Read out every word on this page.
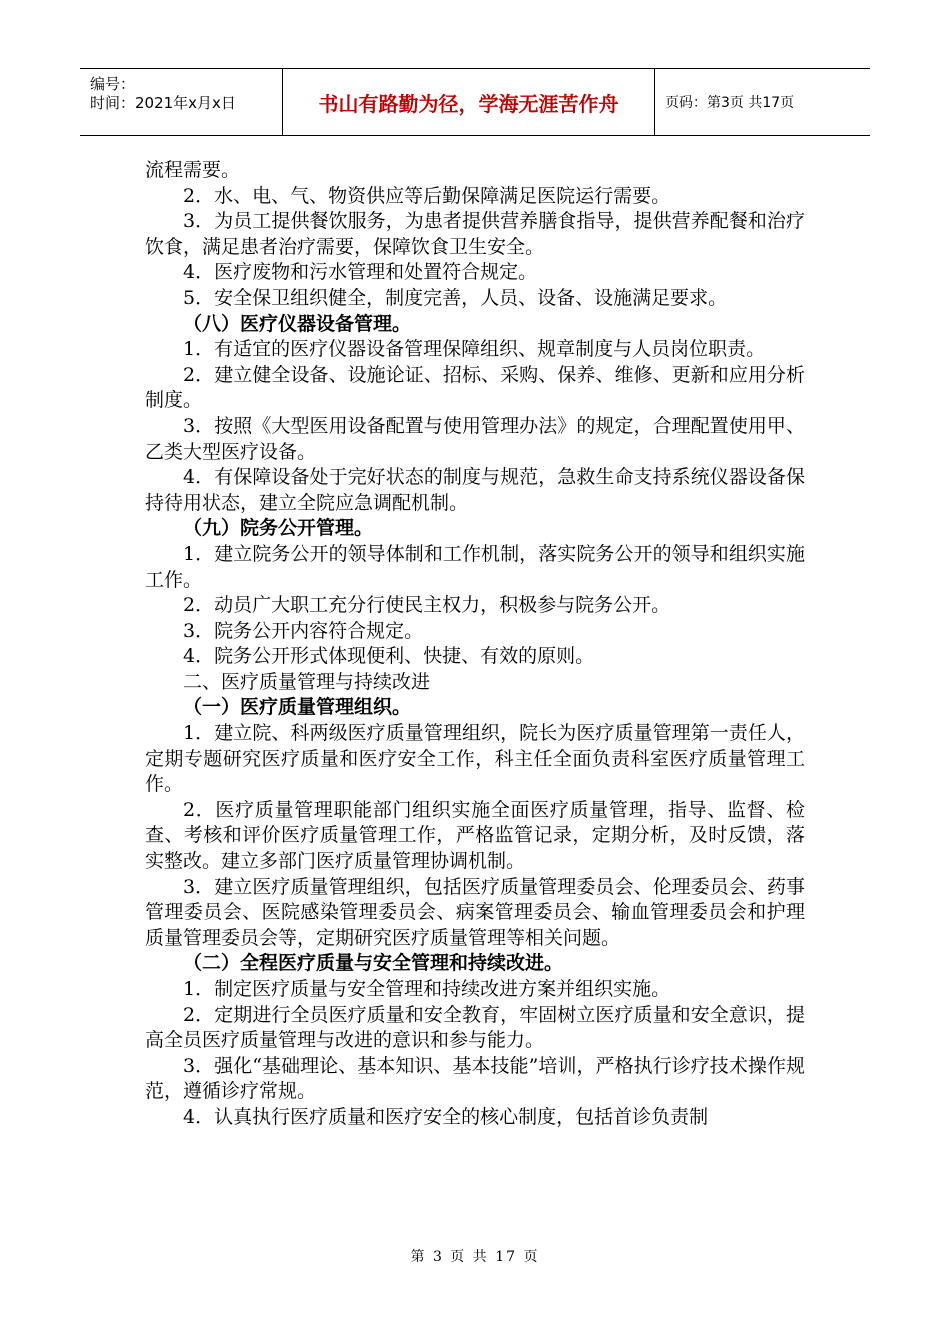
编号：
时间：2021年x月x日	书山有路勤为径，学海无涯苦作舟	页码：第3页 共17页

流程需要。

2．水、电、气、物资供应等后勤保障满足医院运行需要。

3．为员工提供餐饮服务，为患者提供营养膳食指导，提供营养配餐和治疗饮食，满足患者治疗需要，保障饮食卫生安全。

4．医疗废物和污水管理和处置符合规定。

5．安全保卫组织健全，制度完善，人员、设备、设施满足要求。

（八）医疗仪器设备管理。

1．有适宜的医疗仪器设备管理保障组织、规章制度与人员岗位职责。

2．建立健全设备、设施论证、招标、采购、保养、维修、更新和应用分析制度。

3．按照《大型医用设备配置与使用管理办法》的规定，合理配置使用甲、乙类大型医疗设备。

4．有保障设备处于完好状态的制度与规范，急救生命支持系统仪器设备保持待用状态，建立全院应急调配机制。

（九）院务公开管理。

1．建立院务公开的领导体制和工作机制，落实院务公开的领导和组织实施工作。

2．动员广大职工充分行使民主权力，积极参与院务公开。

3．院务公开内容符合规定。

4．院务公开形式体现便利、快捷、有效的原则。

二、医疗质量管理与持续改进

（一）医疗质量管理组织。

1．建立院、科两级医疗质量管理组织，院长为医疗质量管理第一责任人，定期专题研究医疗质量和医疗安全工作，科主任全面负责科室医疗质量管理工作。

2．医疗质量管理职能部门组织实施全面医疗质量管理，指导、监督、检查、考核和评价医疗质量管理工作，严格监管记录，定期分析，及时反馈，落实整改。建立多部门医疗质量管理协调机制。

3．建立医疗质量管理组织，包括医疗质量管理委员会、伦理委员会、药事管理委员会、医院感染管理委员会、病案管理委员会、输血管理委员会和护理质量管理委员会等，定期研究医疗质量管理等相关问题。

（二）全程医疗质量与安全管理和持续改进。

1．制定医疗质量与安全管理和持续改进方案并组织实施。

2．定期进行全员医疗质量和安全教育，牢固树立医疗质量和安全意识，提高全员医疗质量管理与改进的意识和参与能力。

3．强化“基础理论、基本知识、基本技能”培训，严格执行诊疗技术操作规范，遵循诊疗常规。

4．认真执行医疗质量和医疗安全的核心制度，包括首诊负责制

第 3 页 共 17 页
